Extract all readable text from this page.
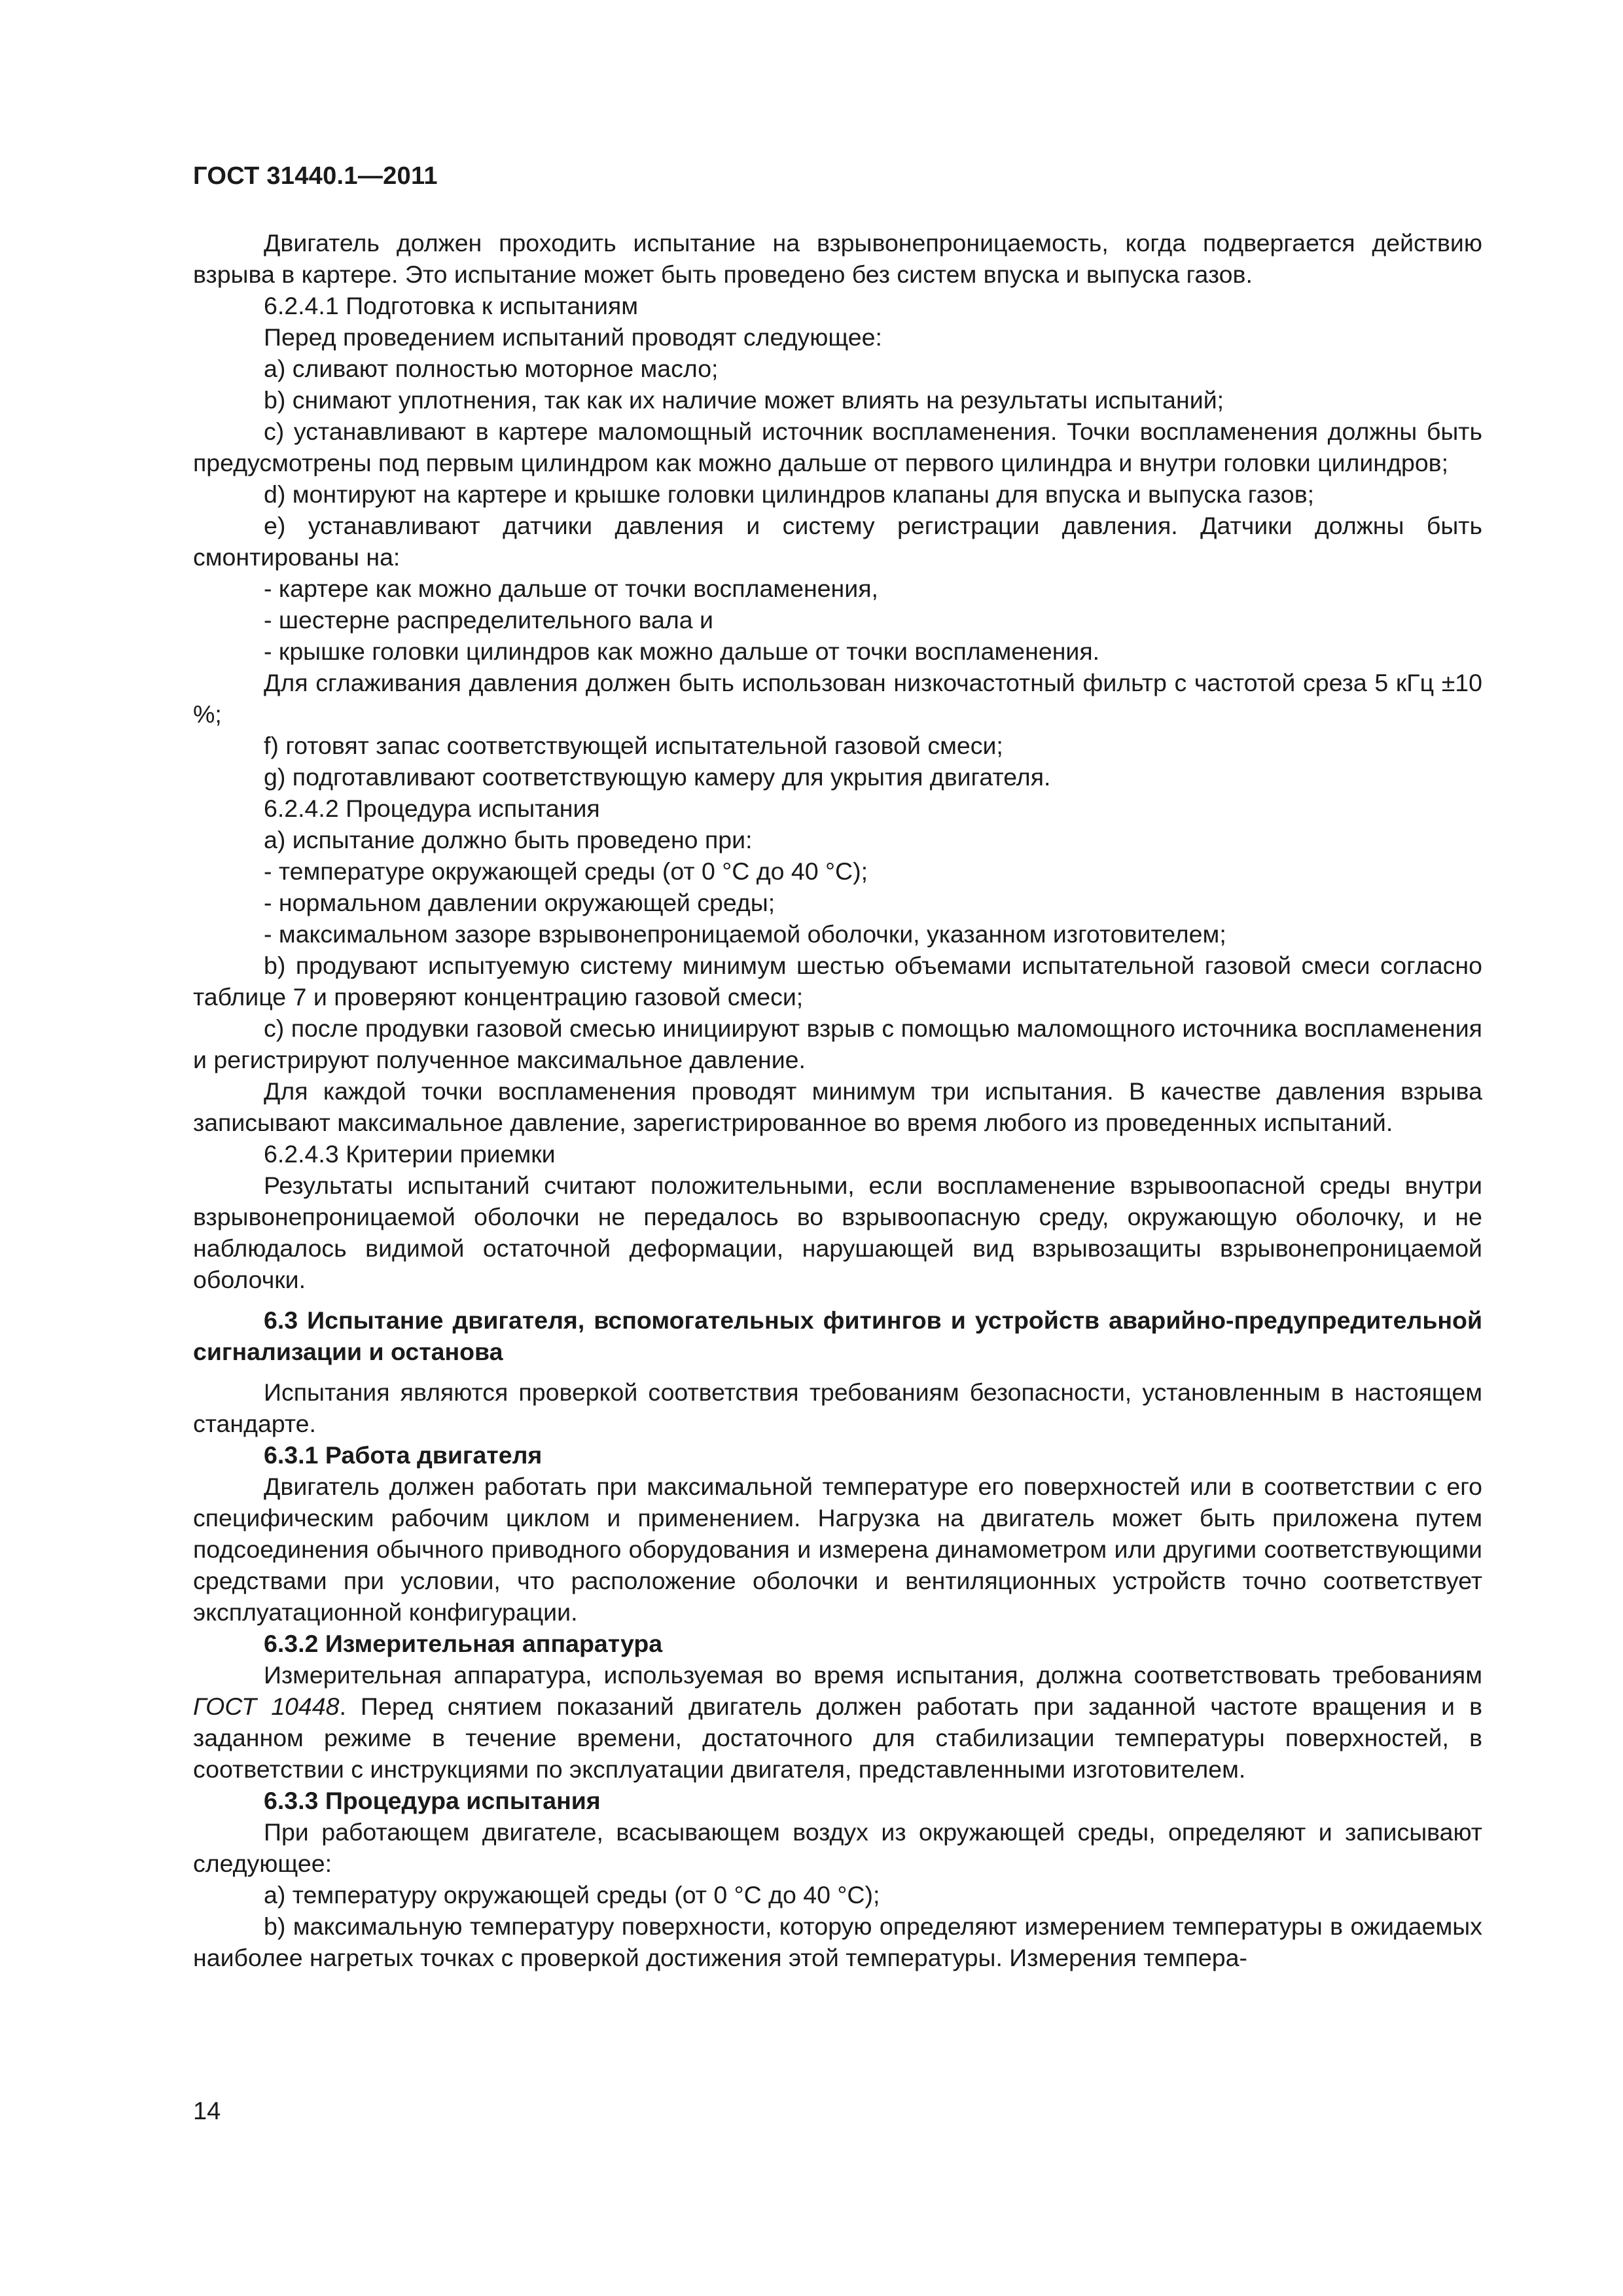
ГОСТ 31440.1—2011

Двигатель должен проходить испытание на взрывонепроницаемость, когда подвергается действию взрыва в картере. Это испытание может быть проведено без систем впуска и выпуска газов.

6.2.4.1 Подготовка к испытаниям

Перед проведением испытаний проводят следующее:

a) сливают полностью моторное масло;

b) снимают уплотнения, так как их наличие может влиять на результаты испытаний;

c) устанавливают в картере маломощный источник воспламенения. Точки воспламенения должны быть предусмотрены под первым цилиндром как можно дальше от первого цилиндра и внутри головки цилиндров;

d) монтируют на картере и крышке головки цилиндров клапаны для впуска и выпуска газов;

e) устанавливают датчики давления и систему регистрации давления. Датчики должны быть смонтированы на:

- картере как можно дальше от точки воспламенения,

- шестерне распределительного вала и

- крышке головки цилиндров как можно дальше от точки воспламенения.

Для сглаживания давления должен быть использован низкочастотный фильтр с частотой среза 5 кГц ±10 %;

f) готовят запас соответствующей испытательной газовой смеси;

g) подготавливают соответствующую камеру для укрытия двигателя.

6.2.4.2 Процедура испытания

a) испытание должно быть проведено при:

- температуре окружающей среды (от 0 °С до 40 °С);

- нормальном давлении окружающей среды;

- максимальном зазоре взрывонепроницаемой оболочки, указанном изготовителем;

b) продувают испытуемую систему минимум шестью объемами испытательной газовой смеси согласно таблице 7 и проверяют концентрацию газовой смеси;

c) после продувки газовой смесью инициируют взрыв с помощью маломощного источника воспламенения и регистрируют полученное максимальное давление.

Для каждой точки воспламенения проводят минимум три испытания. В качестве давления взрыва записывают максимальное давление, зарегистрированное во время любого из проведенных испытаний.

6.2.4.3 Критерии приемки

Результаты испытаний считают положительными, если воспламенение взрывоопасной среды внутри взрывонепроницаемой оболочки не передалось во взрывоопасную среду, окружающую оболочку, и не наблюдалось видимой остаточной деформации, нарушающей вид взрывозащиты взрывонепроницаемой оболочки.

6.3 Испытание двигателя, вспомогательных фитингов и устройств аварийно-предупредительной сигнализации и останова

Испытания являются проверкой соответствия требованиям безопасности, установленным в настоящем стандарте.

6.3.1 Работа двигателя

Двигатель должен работать при максимальной температуре его поверхностей или в соответствии с его специфическим рабочим циклом и применением. Нагрузка на двигатель может быть приложена путем подсоединения обычного приводного оборудования и измерена динамометром или другими соответствующими средствами при условии, что расположение оболочки и вентиляционных устройств точно соответствует эксплуатационной конфигурации.

6.3.2 Измерительная аппаратура

Измерительная аппаратура, используемая во время испытания, должна соответствовать требованиям ГОСТ 10448. Перед снятием показаний двигатель должен работать при заданной частоте вращения и в заданном режиме в течение времени, достаточного для стабилизации температуры поверхностей, в соответствии с инструкциями по эксплуатации двигателя, представленными изготовителем.

6.3.3 Процедура испытания

При работающем двигателе, всасывающем воздух из окружающей среды, определяют и записывают следующее:

a) температуру окружающей среды (от 0 °С до 40 °С);

b) максимальную температуру поверхности, которую определяют измерением температуры в ожидаемых наиболее нагретых точках с проверкой достижения этой температуры. Измерения темпера-

14
